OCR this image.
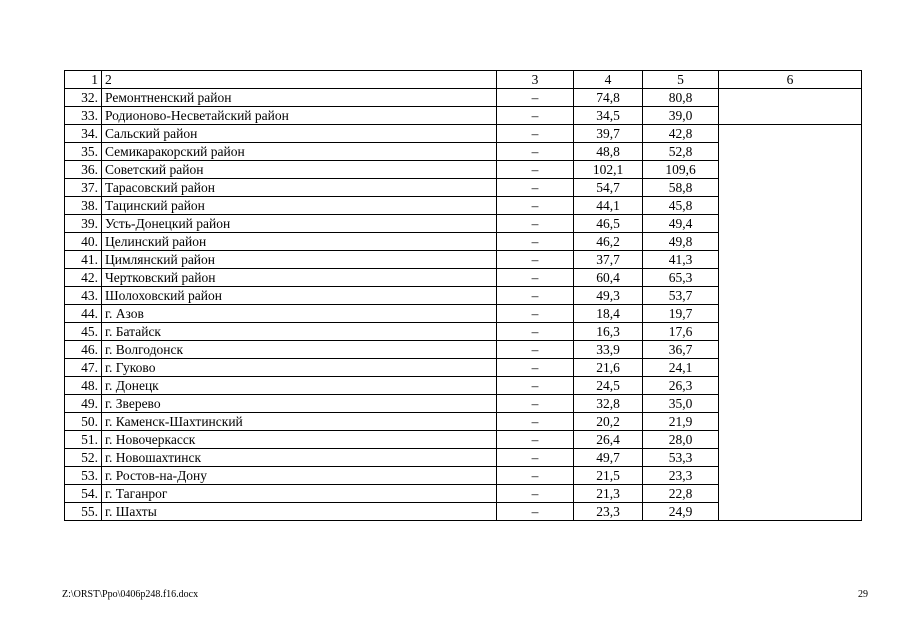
1	2	3	4	5	6
32.	Ремонтненский район	–	74,8	80,8	
33.	Родионово-Несветайский район	–	34,5	39,0	
34.	Сальский район	–	39,7	42,8	
35.	Семикаракорский район	–	48,8	52,8	
36.	Советский район	–	102,1	109,6	
37.	Тарасовский район	–	54,7	58,8	
38.	Тацинский район	–	44,1	45,8	
39.	Усть-Донецкий район	–	46,5	49,4	
40.	Целинский район	–	46,2	49,8	
41.	Цимлянский район	–	37,7	41,3	
42.	Чертковский район	–	60,4	65,3	
43.	Шолоховский район	–	49,3	53,7	
44.	г. Азов	–	18,4	19,7	
45.	г. Батайск	–	16,3	17,6	
46.	г. Волгодонск	–	33,9	36,7	
47.	г. Гуково	–	21,6	24,1	
48.	г. Донецк	–	24,5	26,3	
49.	г. Зверево	–	32,8	35,0	
50.	г. Каменск-Шахтинский	–	20,2	21,9	
51.	г. Новочеркасск	–	26,4	28,0	
52.	г. Новошахтинск	–	49,7	53,3	
53.	г. Ростов-на-Дону	–	21,5	23,3	
54.	г. Таганрог	–	21,3	22,8	
55.	г. Шахты	–	23,3	24,9	
Z:\ORST\Ppo\0406p248.f16.docx	29
